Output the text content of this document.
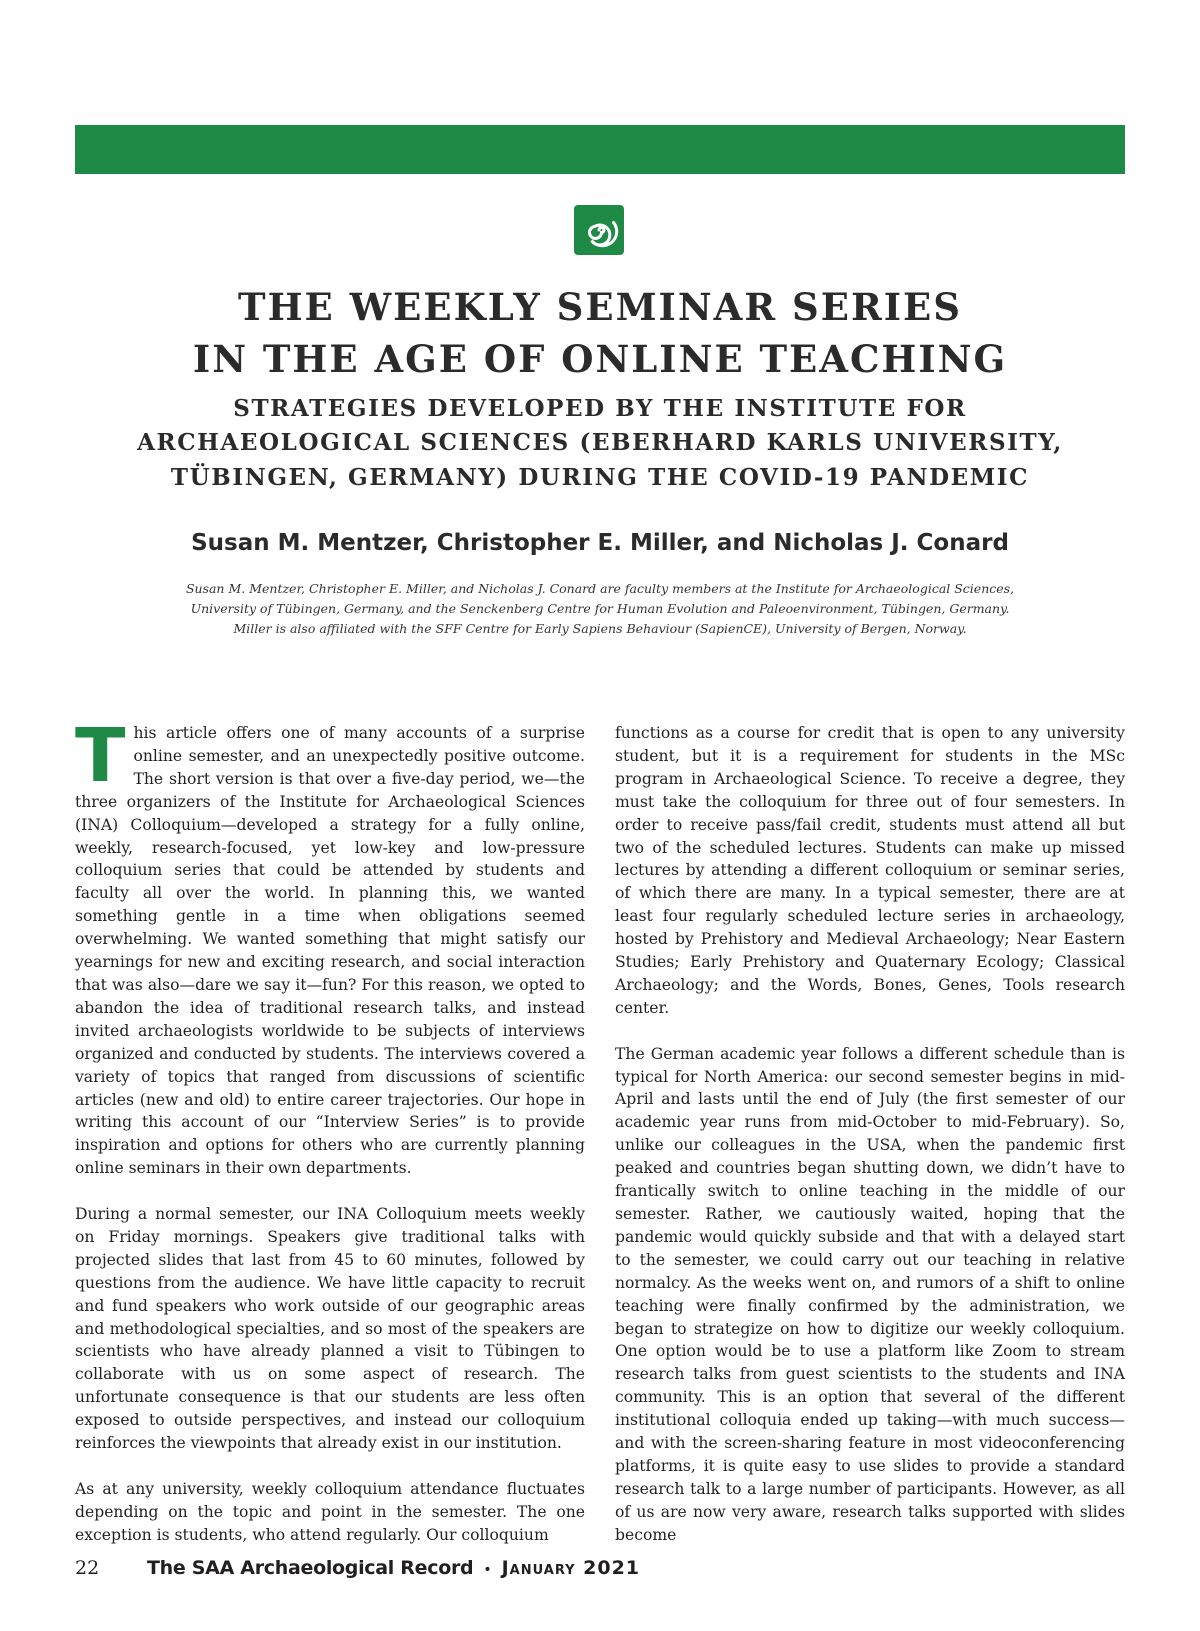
THE WEEKLY SEMINAR SERIES
IN THE AGE OF ONLINE TEACHING
STRATEGIES DEVELOPED BY THE INSTITUTE FOR
ARCHAEOLOGICAL SCIENCES (EBERHARD KARLS UNIVERSITY,
TÜBINGEN, GERMANY) DURING THE COVID-19 PANDEMIC
Susan M. Mentzer, Christopher E. Miller, and Nicholas J. Conard
Susan M. Mentzer, Christopher E. Miller, and Nicholas J. Conard are faculty members at the Institute for Archaeological Sciences,
University of Tübingen, Germany, and the Senckenberg Centre for Human Evolution and Paleoenvironment, Tübingen, Germany.
Miller is also affiliated with the SFF Centre for Early Sapiens Behaviour (SapienCE), University of Bergen, Norway.

This article offers one of many accounts of a surprise online semester, and an unexpectedly positive outcome. The short version is that over a five-day period, we—the three organizers of the Institute for Archaeological Sciences (INA) Colloquium—developed a strategy for a fully online, weekly, research-focused, yet low-key and low-pressure colloquium series that could be attended by students and faculty all over the world. In planning this, we wanted something gentle in a time when obligations seemed overwhelming. We wanted something that might satisfy our yearnings for new and exciting research, and social interaction that was also—dare we say it—fun? For this reason, we opted to abandon the idea of traditional research talks, and instead invited archaeologists worldwide to be subjects of interviews organized and conducted by students. The interviews covered a variety of topics that ranged from discussions of scientific articles (new and old) to entire career trajectories. Our hope in writing this account of our “Interview Series” is to provide inspiration and options for others who are currently planning online seminars in their own departments.

During a normal semester, our INA Colloquium meets weekly on Friday mornings. Speakers give traditional talks with projected slides that last from 45 to 60 minutes, followed by questions from the audience. We have little capacity to recruit and fund speakers who work outside of our geographic areas and methodological specialties, and so most of the speakers are scientists who have already planned a visit to Tübingen to collaborate with us on some aspect of research. The unfortunate consequence is that our students are less often exposed to outside perspectives, and instead our colloquium reinforces the viewpoints that already exist in our institution.

As at any university, weekly colloquium attendance fluctuates depending on the topic and point in the semester. The one exception is students, who attend regularly. Our colloquium

functions as a course for credit that is open to any university student, but it is a requirement for students in the MSc program in Archaeological Science. To receive a degree, they must take the colloquium for three out of four semesters. In order to receive pass/fail credit, students must attend all but two of the scheduled lectures. Students can make up missed lectures by attending a different colloquium or seminar series, of which there are many. In a typical semester, there are at least four regularly scheduled lecture series in archaeology, hosted by Prehistory and Medieval Archaeology; Near Eastern Studies; Early Prehistory and Quaternary Ecology; Classical Archaeology; and the Words, Bones, Genes, Tools research center.

The German academic year follows a different schedule than is typical for North America: our second semester begins in mid-April and lasts until the end of July (the first semester of our academic year runs from mid-October to mid-February). So, unlike our colleagues in the USA, when the pandemic first peaked and countries began shutting down, we didn’t have to frantically switch to online teaching in the middle of our semester. Rather, we cautiously waited, hoping that the pandemic would quickly subside and that with a delayed start to the semester, we could carry out our teaching in relative normalcy. As the weeks went on, and rumors of a shift to online teaching were finally confirmed by the administration, we began to strategize on how to digitize our weekly colloquium. One option would be to use a platform like Zoom to stream research talks from guest scientists to the students and INA community. This is an option that several of the different institutional colloquia ended up taking—with much success—and with the screen-sharing feature in most videoconferencing platforms, it is quite easy to use slides to provide a standard research talk to a large number of participants. However, as all of us are now very aware, research talks supported with slides become

22	The SAA Archaeological Record • January 2021
